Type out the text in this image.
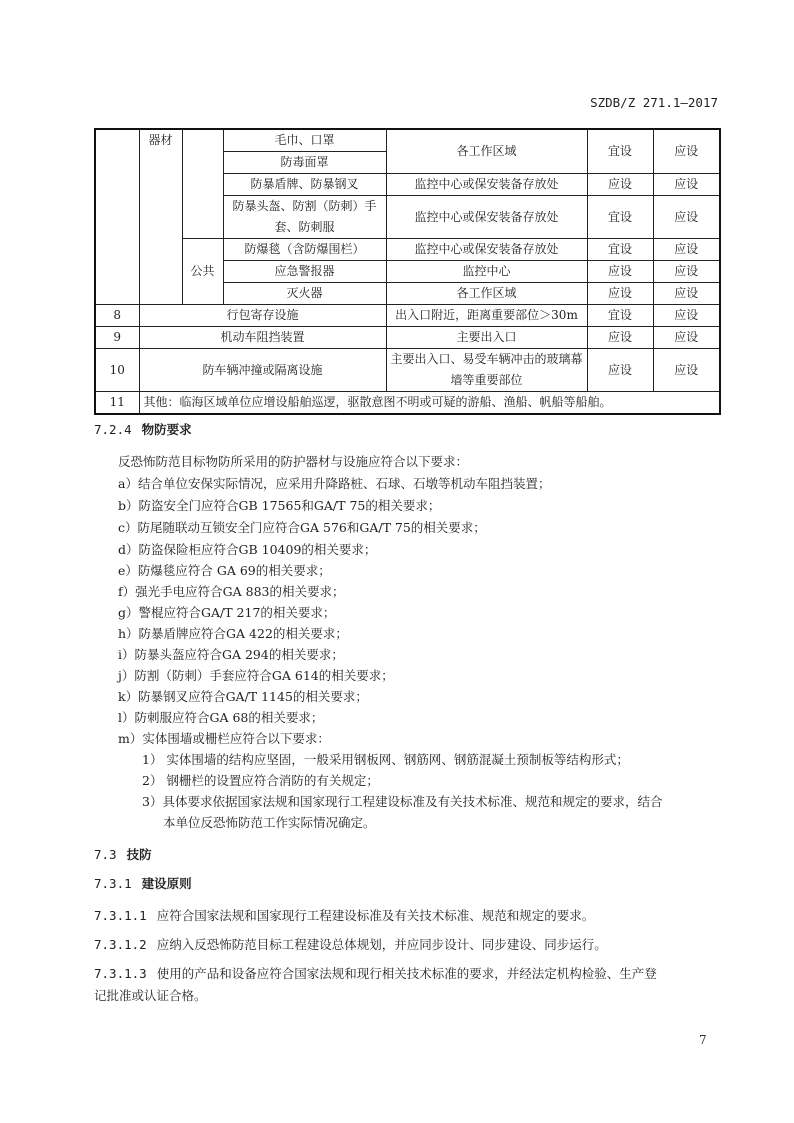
SZDB/Z 271.1—2017
	器材		毛巾、口罩	各工作区域	宜设	应设
			防毒面罩			
			防暴盾牌、防暴钢叉	监控中心或保安装备存放处	应设	应设
			防暴头盔、防割（防刺）手套、防刺服	监控中心或保安装备存放处	宜设	应设
		公共	防爆毯（含防爆围栏）	监控中心或保安装备存放处	宜设	应设
			应急警报器	监控中心	应设	应设
			灭火器	各工作区域	应设	应设
8	行包寄存设施			出入口附近，距离重要部位＞30m	宜设	应设
9	机动车阻挡装置			主要出入口	应设	应设
10	防车辆冲撞或隔离设施			主要出入口、易受车辆冲击的玻璃幕墙等重要部位	应设	应设
11	其他：临海区域单位应增设船舶巡逻，驱散意图不明或可疑的游船、渔船、帆船等船舶。					
7.2.4 物防要求
反恐怖防范目标物防所采用的防护器材与设施应符合以下要求：
a）结合单位安保实际情况，应采用升降路桩、石球、石墩等机动车阻挡装置；
b）防盗安全门应符合GB 17565和GA/T 75的相关要求；
c）防尾随联动互锁安全门应符合GA 576和GA/T 75的相关要求；
d）防盗保险柜应符合GB 10409的相关要求；
e）防爆毯应符合 GA 69的相关要求；
f）强光手电应符合GA 883的相关要求；
g）警棍应符合GA/T 217的相关要求；
h）防暴盾牌应符合GA 422的相关要求；
i）防暴头盔应符合GA 294的相关要求；
j）防割（防刺）手套应符合GA 614的相关要求；
k）防暴钢叉应符合GA/T 1145的相关要求；
l）防刺服应符合GA 68的相关要求；
m）实体围墙或栅栏应符合以下要求：
1） 实体围墙的结构应坚固，一般采用钢板网、钢筋网、钢筋混凝土预制板等结构形式；
2） 钢栅栏的设置应符合消防的有关规定；
3）具体要求依据国家法规和国家现行工程建设标准及有关技术标准、规范和规定的要求，结合
本单位反恐怖防范工作实际情况确定。
7.3 技防
7.3.1 建设原则
7.3.1.1 应符合国家法规和国家现行工程建设标准及有关技术标准、规范和规定的要求。
7.3.1.2 应纳入反恐怖防范目标工程建设总体规划，并应同步设计、同步建设、同步运行。
7.3.1.3 使用的产品和设备应符合国家法规和现行相关技术标准的要求，并经法定机构检验、生产登
记批准或认证合格。
7
